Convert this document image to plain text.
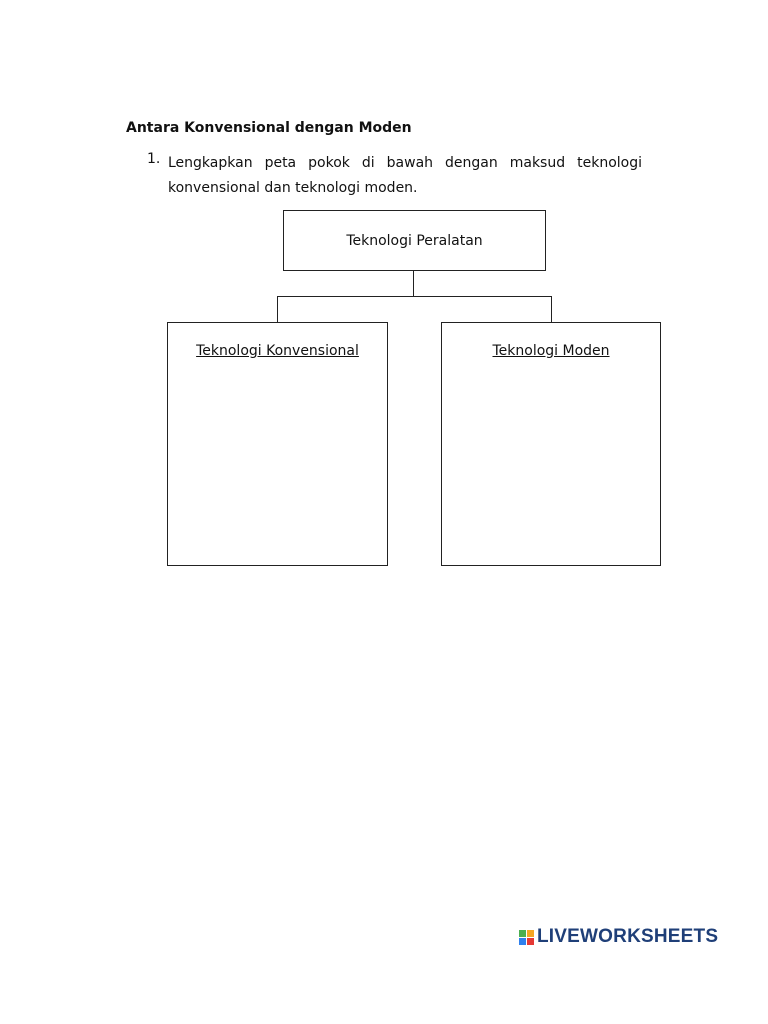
Antara Konvensional dengan Moden
1. Lengkapkan peta pokok di bawah dengan maksud teknologi konvensional dan teknologi moden.
Teknologi Peralatan
Teknologi Konvensional	Teknologi Moden
LIVEWORKSHEETS
